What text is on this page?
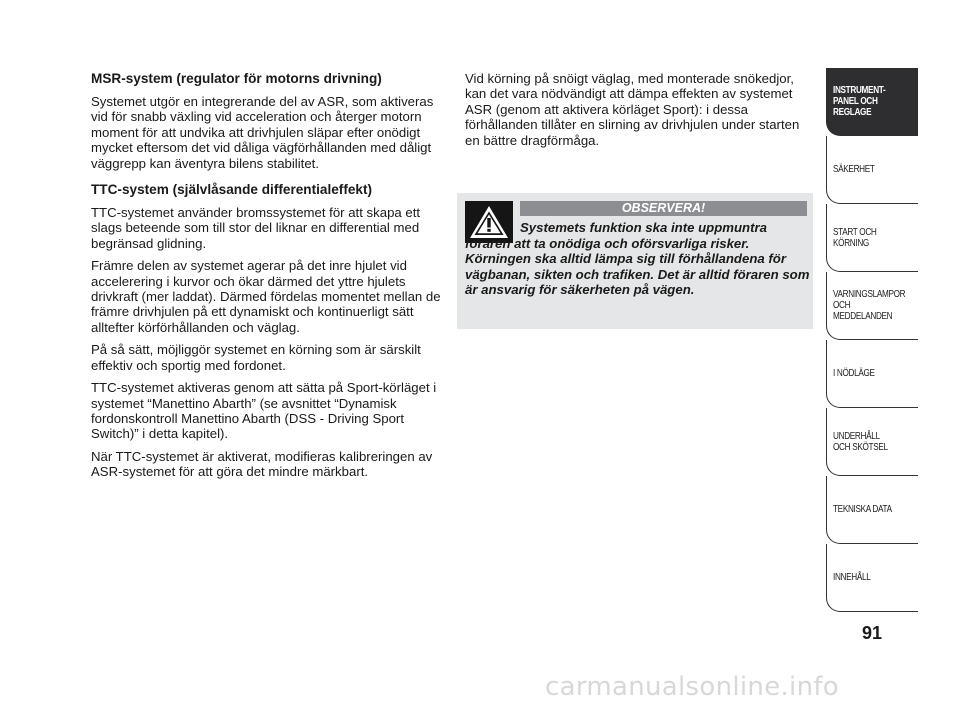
MSR-system (regulator för motorns drivning)

Systemet utgör en integrerande del av ASR, som aktiveras vid för snabb växling vid acceleration och återger motorn moment för att undvika att drivhjulen släpar efter onödigt mycket eftersom det vid dåliga vägförhållanden med dåligt väggrepp kan äventyra bilens stabilitet.

TTC-system (självlåsande differentialeffekt)

TTC-systemet använder bromssystemet för att skapa ett slags beteende som till stor del liknar en differential med begränsad glidning.

Främre delen av systemet agerar på det inre hjulet vid accelerering i kurvor och ökar därmed det yttre hjulets drivkraft (mer laddat). Därmed fördelas momentet mellan de främre drivhjulen på ett dynamiskt och kontinuerligt sätt alltefter körförhållanden och väglag.

På så sätt, möjliggör systemet en körning som är särskilt effektiv och sportig med fordonet.

TTC-systemet aktiveras genom att sätta på Sport-körläget i systemet “Manettino Abarth” (se avsnittet “Dynamisk fordonskontroll Manettino Abarth (DSS - Driving Sport Switch)” i detta kapitel).

När TTC-systemet är aktiverat, modifieras kalibreringen av ASR-systemet för att göra det mindre märkbart.

Vid körning på snöigt väglag, med monterade snökedjor, kan det vara nödvändigt att dämpa effekten av systemet ASR (genom att aktivera körläget Sport): i dessa förhållanden tillåter en slirning av drivhjulen under starten en bättre dragförmåga.

OBSERVERA!
Systemets funktion ska inte uppmuntra föraren att ta onödiga och oförsvarliga risker. Körningen ska alltid lämpa sig till förhållandena för vägbanan, sikten och trafiken. Det är alltid föraren som är ansvarig för säkerheten på vägen.
INSTRUMENT-
PANEL OCH
REGLAGE
SÄKERHET
START OCH
KÖRNING
VARNINGSLAMPOR
OCH
MEDDELANDEN
I NÖDLÄGE
UNDERHÅLL
OCH SKÖTSEL
TEKNISKA DATA
INNEHÅLL
91
carmanualsonline.info
